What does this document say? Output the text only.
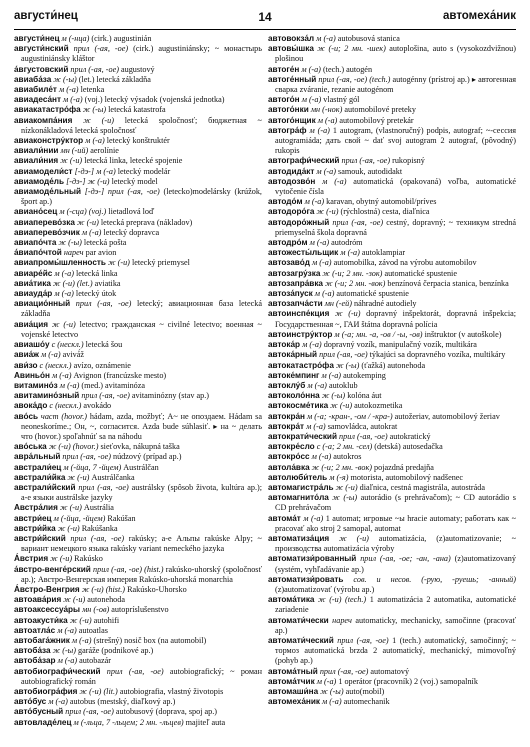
августи́нец	14	автомеха́ник

августи́нец м (-нца) (cirk.) augustinián

августи́нский прил (-ая, -ое) (cirk.) augustiniánsky; ~ монастырь augustiniánsky kláštor

а́вгустовский прил (-ая, -ое) augustový

авиаба́за ж (-ы) (let.) letecká základňa

авиабиле́т м (-а) letenka

авиадеса́нт м (-а) (voj.) letecký výsadok (vojenská jednotka)

авиакатастро́фа ж (-ы) letecká katastrofa

авиакомпа́ния ж (-и) letecká spoločnosť; бюджетная ~ nízkonákladová letecká spoločnosť

авиаконстру́ктор м (-а) letecký konštruktér

авиали́нии мн (-ий) aerolínie

авиали́ния ж (-и) letecká linka, letecké spojenie

авиамодели́ст [-дэ-] м (-а) letecký modelár

авиамоде́ль [-дэ-] ж (-и) letecký model

авиамоде́льный [-дэ-] прил (-ая, -ое) (letecko)modelársky (krúžok, šport ap.)

авиано́сец м (-сца) (voj.) lietadlová loď

авиаперево́зка ж (-и) letecká preprava (nákladov)

авиаперево́зчик м (-а) letecký dopravca

авиапо́чта ж (-ы) letecká pošta

а́виапо́чтой нареч par avion

авиапромы́шленность ж (-и) letecký priemysel

авиаре́йс м (-а) letecká linka

авиа́тика ж (-и) (let.) aviatika

авиауда́р м (-а) letecký útok

авиацио́нный прил (-ая, -ое) letecký; авиационная база letecká základňa

авиа́ция ж (-и) letectvo; гражданская ~ civilné letectvo; военная ~ vojenské letectvo

авиашо́у с (нескл.) letecká šou

авиа́ж м (-а) avivá́ž

ави́зо с (нескл.) avízo, oznámenie

Авиньо́н м (-а) Avignon (francúzske mesto)

витамино́з м (-а) (med.) avitaminóza

авитамино́зный прил (-ая, -ое) avitaminózny (stav ap.)

авока́до с (нескл.) avokádo

аво́сь част (hovor.) hádam, azda, možbyť; А~ не опоздаем. Hádam sa neoneskoríme.; Он, ~, согласится. Azda bude súhlasiť. ▸ на ~ делать что (hovor.) spoľahnúť sa na náhodu

аво́ська ж (-и) (hovor.) sieťovka, nákupná taška

авра́льный прил (-ая, -ое) núdzový (prípad ap.)

австрали́ец м (-йца, 7 -йцем) Austrálčan

австрали́йка ж (-и) Austrálčanka

австрали́йский прил (-ая, -ое) austrálsky (spôsob života, kultúra ap.); а-е языки austrálske jazyky

Австра́лия ж (-и) Austrália

австри́ец м (-йца, -йцем) Rakúšan

австри́йка ж (-и) Rakúšanka

австри́йский прил (-ая, -ое) rakúsky; а-е Альпы rakúske Alpy; ~ вариант немецкого языка rakúsky variant nemeckého jazyka

А́встрия ж (-и) Rakúsko

а́встро-венге́рский прил (-ая, -ое) (hist.) rakúsko-uhorský (spoločnosť ap.); Австро-Венгерская империя Rakúsko-uhorská monarchia

А́встро-Венгрия ж (-и) (hist.) Rakúsko-Uhorsko

автоава́рия ж (-и) autonehoda

автоаксессуа́ры мн (-ов) autopríslušenstvo

автоакусти́ка ж (-и) autohifi

автоатла́с м (-а) autoatlas

автобага́жник м (-а) (strešný) nosič box (na automobil)

автоба́за ж (-ы) garáže (podnikové ap.)

автоба́зар м (-а) autobazár

автобиографи́ческий прил (-ая, -ое) autobiografický; ~ роман autobiografický román

автобиогра́фия ж (-и) (lit.) autobiografia, vlastný životopis

авто́бус м (-а) autobus (mestský, diaľkový ap.)

авто́бусный прил (-ая, -ое) autobusový (doprava, spoj ap.)

автовладе́лец м (-льца, 7 -льцем; 2 мн. -льцев) majiteľ auta

автовокза́л м (-а) autobusová stanica

автовы́шка ж (-и; 2 мн. -шек) autoplošina, auto s (vysokozdvižnou) plošinou

автоге́н м (-а) (tech.) autogén

автоге́нный прил (-ая, -ое) (tech.) autogénny (prístroj ap.) ▸ автогенная сварка zváranie, rezanie autogénom

автого́н м (-а) vlastný gól

автого́нки мн (-нок) automobilové preteky

автого́нщик м (-а) automobilový pretekár

автогра́ф м (-а) 1 autogram, (vlastnoručný) podpis, autograf; ~-сессия autogramiáda; дать свой ~ dať svoj autogram 2 autograf, (pôvodný) rukopis

автографи́ческий прил (-ая, -ое) rukopisný

автодида́кт м (-а) samouk, autodidakt

автодозво́н м (-а) automatická (opakovaná) voľba, automatické vytočenie čísla

автодо́м м (-а) karavan, obytný automobil/príves

автодоро́га ж (-и) (rýchlostná) cesta, diaľnica

автодоро́жный прил (-ая, -ое) cestný, dopravný; ~ техникум stredná priemyselná škola dopravná

автодро́м м (-а) autodróm

автожесты́льщик м (-а) autoklampiar

автозаво́д м (-а) automobilka, závod na výrobu automobilov

автозагру́зка ж (-и; 2 мн. -зок) automatické spustenie

автозапра́вка ж (-и; 2 мн. -вок) benzínová čerpacia stanica, benzínka

автоза́пуск м (-а) automatické spustenie

автозапча́сти мн (-ей) náhradné autodiely

автоинспе́кция ж (-и) dopravný inšpektorát, dopravná inšpekcia; Государственная ~, ГАИ štátna dopravná polícia

автоинстру́ктор м (-а; мн. -а, -ов / -ы, -ов) inštruktor (v autoškole)

автока́р м (-а) dopravný vozík, manipulačný vozík, multikára

автока́рный прил (-ая, -ое) týkajúci sa dopravného vozíka, multikáry

автокатастро́фа ж (-ы) (ťažká) autonehoda

автоке́мпинг м (-а) autokemping

автоклу́б м (-а) autoklub

автоколо́нна ж (-ы) kolóna áut

автокосме́тика ж (-и) autokozmetika

автокра́н м (-а; -кран-, -ом / -кра-) autožeriav, automobilový žeriav

автокра́т м (-а) samovládca, autokrat

автократи́ческий прил (-ая, -ое) autokratický

автокре́сло с (-а; 2 мн. -сел) (detská) autosedačka

автокро́сс м (-а) autokros

автола́вка ж (-и; 2 мн. -вок) pojazdná predajňa

автолюби́тель м (-я) motorista, automobilový nadšenec

автомагистра́ль ж (-и) diaľnica, cestná magistrála, autostráda

автомагнито́ла ж (-ы) autorádio (s prehrávačom); ~ CD autorádio s CD prehrávačom

автома́т м (-а) 1 automat; игровые ~ы hracie automaty; работать как ~ pracovať ako stroj 2 samopal, automat

автоматиза́ция ж (-и) automatizácia, (z)automatizovanie; ~ производства automatizácia výroby

автоматизи́рованный прил (-ая, -ое; -ан, -ана) (z)automatizovaný (systém, vyhľadávanie ap.)

автоматизи́ровать сов. и несов. (-рую, -руешь; -анный) (z)automatizovať (výrobu ap.)

автома́тика ж (-и) (tech.) 1 automatizácia 2 automatika, automatické zariadenie

автомати́чески нареч automaticky, mechanicky, samočinne (pracovať ap.)

автомати́ческий прил (-ая, -ое) 1 (tech.) automatický, samočinný; ~ тормоз automatická brzda 2 automatický, mechanický, mimovoľný (pohyb ap.)

автома́тный прил (-ая, -ое) automatový

автома́тчик м (-а) 1 operátor (pracovník) 2 (voj.) samopalník

автомаши́на ж (-ы) auto(mobil)

автомеха́ник м (-а) automechanik
